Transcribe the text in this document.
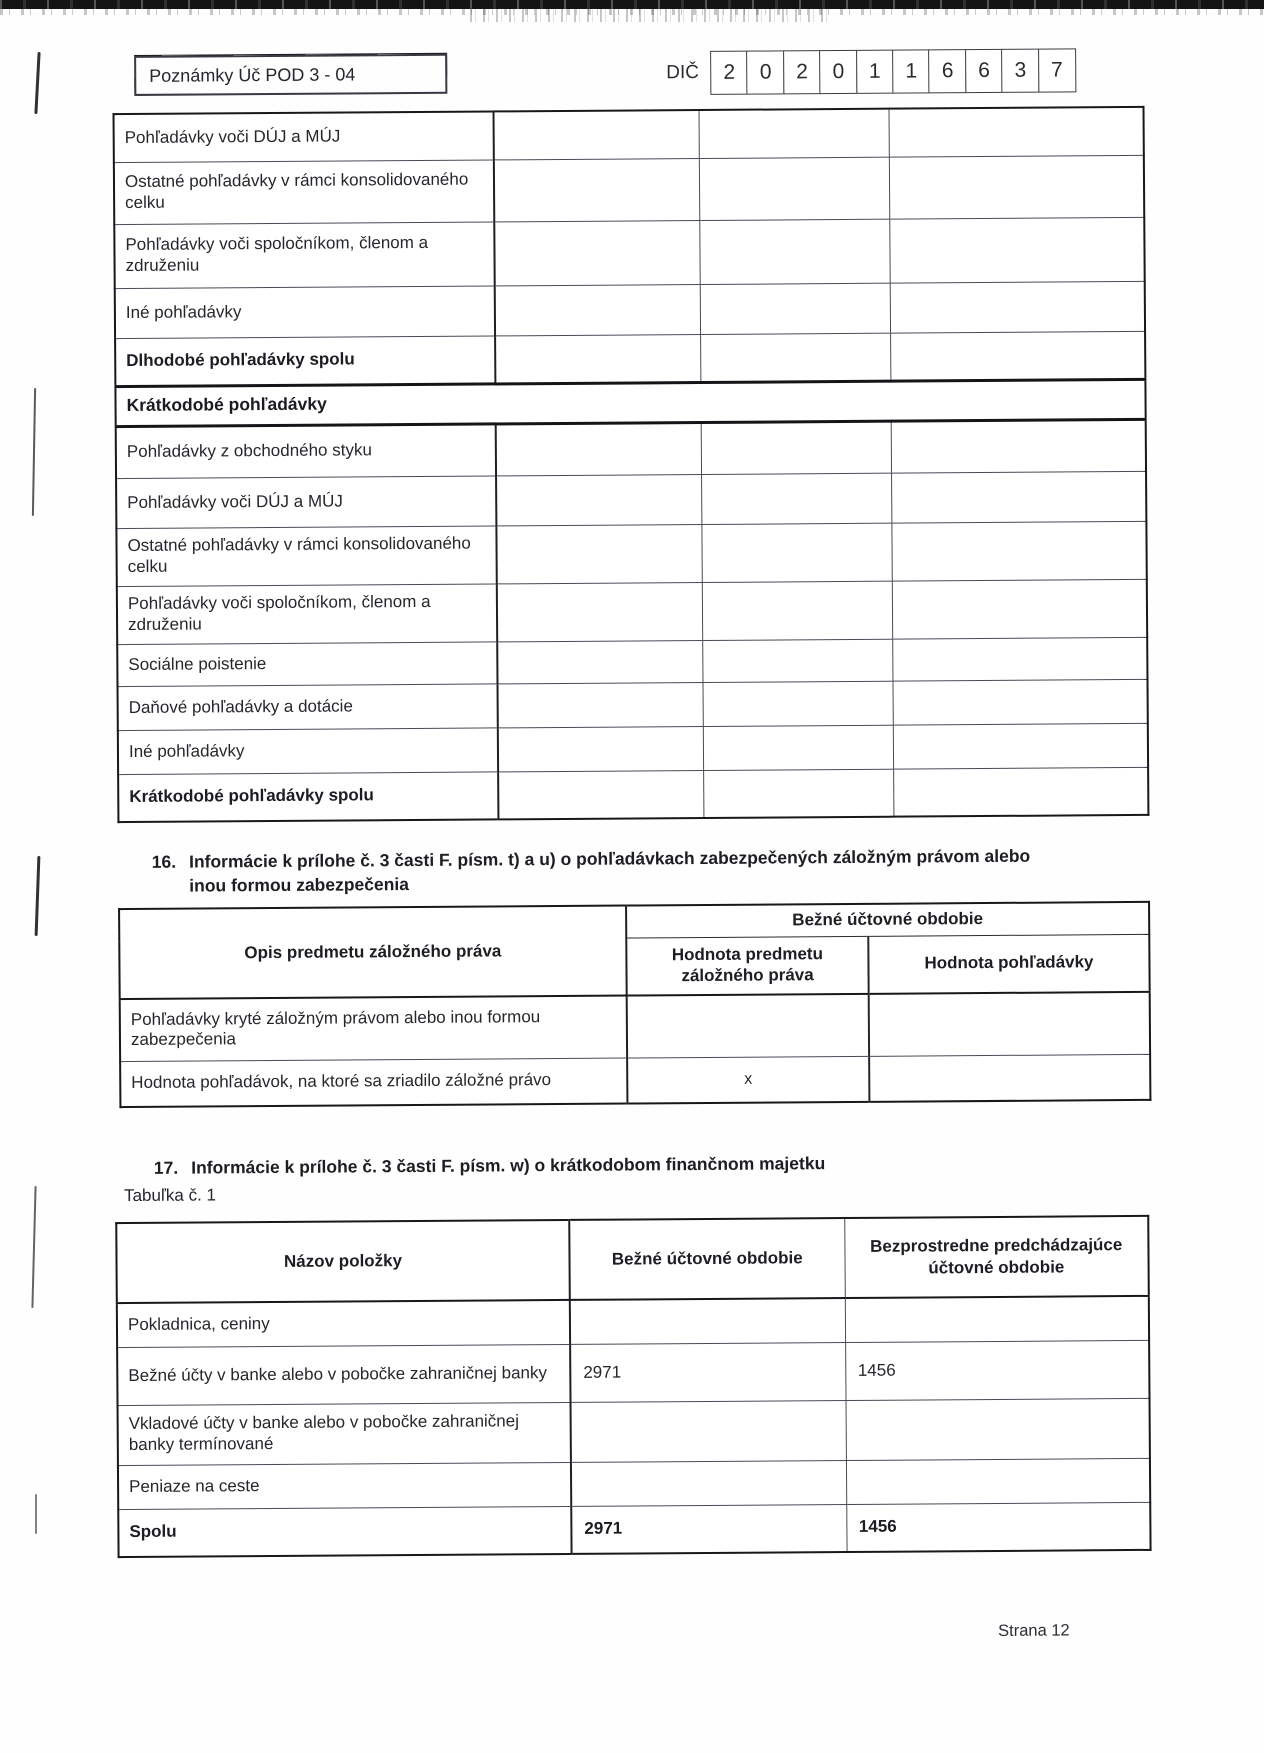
Poznámky Úč POD 3 - 04	DIČ	2	0	2	0	1	1	6	6	3	7
Pohľadávky voči DÚJ a MÚJ			
Ostatné pohľadávky v rámci konsolidovaného celku			
Pohľadávky voči spoločníkom, členom a združeniu			
Iné pohľadávky			
Dlhodobé pohľadávky spolu			
Krátkodobé pohľadávky			
Pohľadávky z obchodného styku			
Pohľadávky voči DÚJ a MÚJ			
Ostatné pohľadávky v rámci konsolidovaného celku			
Pohľadávky voči spoločníkom, členom a združeniu			
Sociálne poistenie			
Daňové pohľadávky a dotácie			
Iné pohľadávky			
Krátkodobé pohľadávky spolu			
16. Informácie k prílohe č. 3 časti F. písm. t) a u) o pohľadávkach zabezpečených záložným právom alebo inou formou zabezpečenia
Opis predmetu záložného práva	Bežné účtovné obdobie	
	Hodnota predmetu záložného práva	Hodnota pohľadávky
Pohľadávky kryté záložným právom alebo inou formou zabezpečenia		
Hodnota pohľadávok, na ktoré sa zriadilo záložné právo	x	
17. Informácie k prílohe č. 3 časti F. písm. w) o krátkodobom finančnom majetku
Tabuľka č. 1
Názov položky	Bežné účtovné obdobie	Bezprostredne predchádzajúce účtovné obdobie
Pokladnica, ceniny		
Bežné účty v banke alebo v pobočke zahraničnej banky	2971	1456
Vkladové účty v banke alebo v pobočke zahraničnej banky termínované		
Peniaze na ceste		
Spolu	2971	1456
Strana 12
